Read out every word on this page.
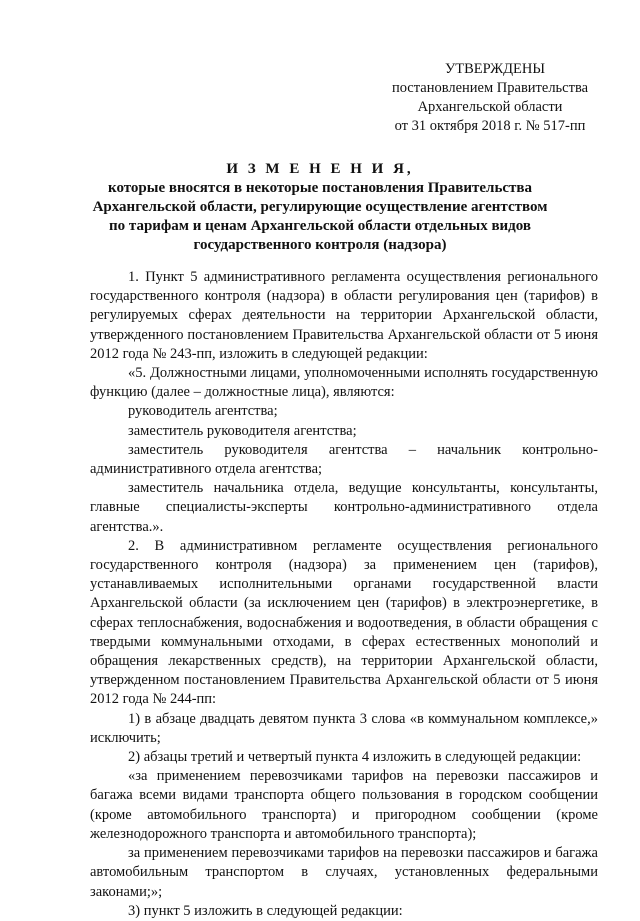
УТВЕРЖДЕНЫ
постановлением Правительства
Архангельской области
от 31 октября 2018 г. № 517-пп
И З М Е Н Е Н И Я,
которые вносятся в некоторые постановления Правительства
Архангельской области, регулирующие осуществление агентством
по тарифам и ценам Архангельской области отдельных видов
государственного контроля (надзора)

1. Пункт 5 административного регламента осуществления регионального государственного контроля (надзора) в области регулирования цен (тарифов) в регулируемых сферах деятельности на территории Архангельской области, утвержденного постановлением Правительства Архангельской области от 5 июня 2012 года № 243-пп, изложить в следующей редакции:

«5. Должностными лицами, уполномоченными исполнять государственную функцию (далее – должностные лица), являются:

руководитель агентства;

заместитель руководителя агентства;

заместитель руководителя агентства – начальник контрольно-административного отдела агентства;

заместитель начальника отдела, ведущие консультанты, консультанты, главные специалисты-эксперты контрольно-административного отдела агентства.».

2. В административном регламенте осуществления регионального государственного контроля (надзора) за применением цен (тарифов), устанавливаемых исполнительными органами государственной власти Архангельской области (за исключением цен (тарифов) в электроэнергетике, в сферах теплоснабжения, водоснабжения и водоотведения, в области обращения с твердыми коммунальными отходами, в сферах естественных монополий и обращения лекарственных средств), на территории Архангельской области, утвержденном постановлением Правительства Архангельской области от 5 июня 2012 года № 244-пп:

1) в абзаце двадцать девятом пункта 3 слова «в коммунальном комплексе,» исключить;

2) абзацы третий и четвертый пункта 4 изложить в следующей редакции:

«за применением перевозчиками тарифов на перевозки пассажиров и багажа всеми видами транспорта общего пользования в городском сообщении (кроме автомобильного транспорта) и пригородном сообщении (кроме железнодорожного транспорта и автомобильного транспорта);

за применением перевозчиками тарифов на перевозки пассажиров и багажа автомобильным транспортом в случаях, установленных федеральными законами;»;

3) пункт 5 изложить в следующей редакции:
